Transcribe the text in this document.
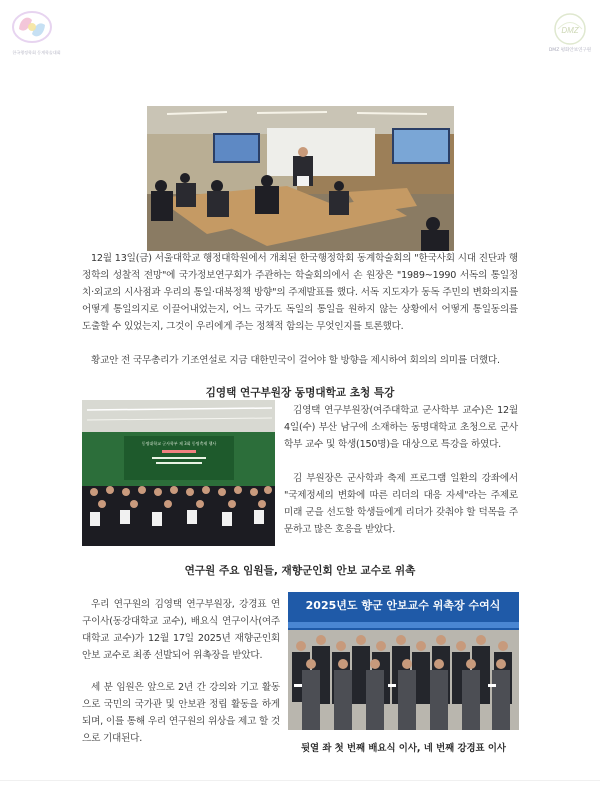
한국행정학회 동계학술대회
DMZ
DMZ 평화안보연구원

12월 13일(금) 서울대학교 행정대학원에서 개최된 한국행정학회 동계학술회의 "한국사회 시대 진단과 행정학의 성찰적 전망"에 국가정보연구회가 주관하는 학술회의에서 손 원장은 "1989~1990 서독의 통일정치·외교의 시사점과 우리의 통일·대북정책 방향"의 주제발표를 했다. 서독 지도자가 동독 주민의 변화의지를 어떻게 통일의지로 이끌어내었는지, 어느 국가도 독일의 통일을 원하지 않는 상황에서 어떻게 통일동의를 도출할 수 있었는지, 그것이 우리에게 주는 정책적 함의는 무엇인지를 토론했다.

황교안 전 국무총리가 기조연설로 지금 대한민국이 걸어야 할 방향을 제시하여 회의의 의미를 더했다.

김영택 연구부원장 동명대학교 초청 특강
동명대학교 군사학부 제 3회 동명축제 행사

김영택 연구부원장(여주대학교 군사학부 교수)은 12월 4일(수) 부산 남구에 소재하는 동명대학교 초청으로 군사학부 교수 및 학생(150명)을 대상으로 특강을 하였다.

김 부원장은 군사학과 축제 프로그램 일환의 강좌에서 "국제정세의 변화에 따른 리더의 대응 자세"라는 주제로 미래 군을 선도할 학생들에게 리더가 갖춰야 할 덕목을 주문하고 많은 호응을 받았다.

연구원 주요 임원들, 재향군인회 안보 교수로 위촉

우리 연구원의 김영택 연구부원장, 강경표 연구이사(동강대학교 교수), 배요식 연구이사(여주대학교 교수)가 12월 17일 2025년 재향군인회 안보 교수로 최종 선발되어 위촉장을 받았다.

세 분 임원은 앞으로 2년 간 강의와 기고 활동으로 국민의 국가관 및 안보관 정립 활동을 하게 되며, 이를 통해 우리 연구원의 위상을 제고 할 것으로 기대된다.

2025년도 향군 안보교수 위촉장 수여식

뒷열 좌 첫 번째 배요식 이사, 네 번째 강경표 이사
